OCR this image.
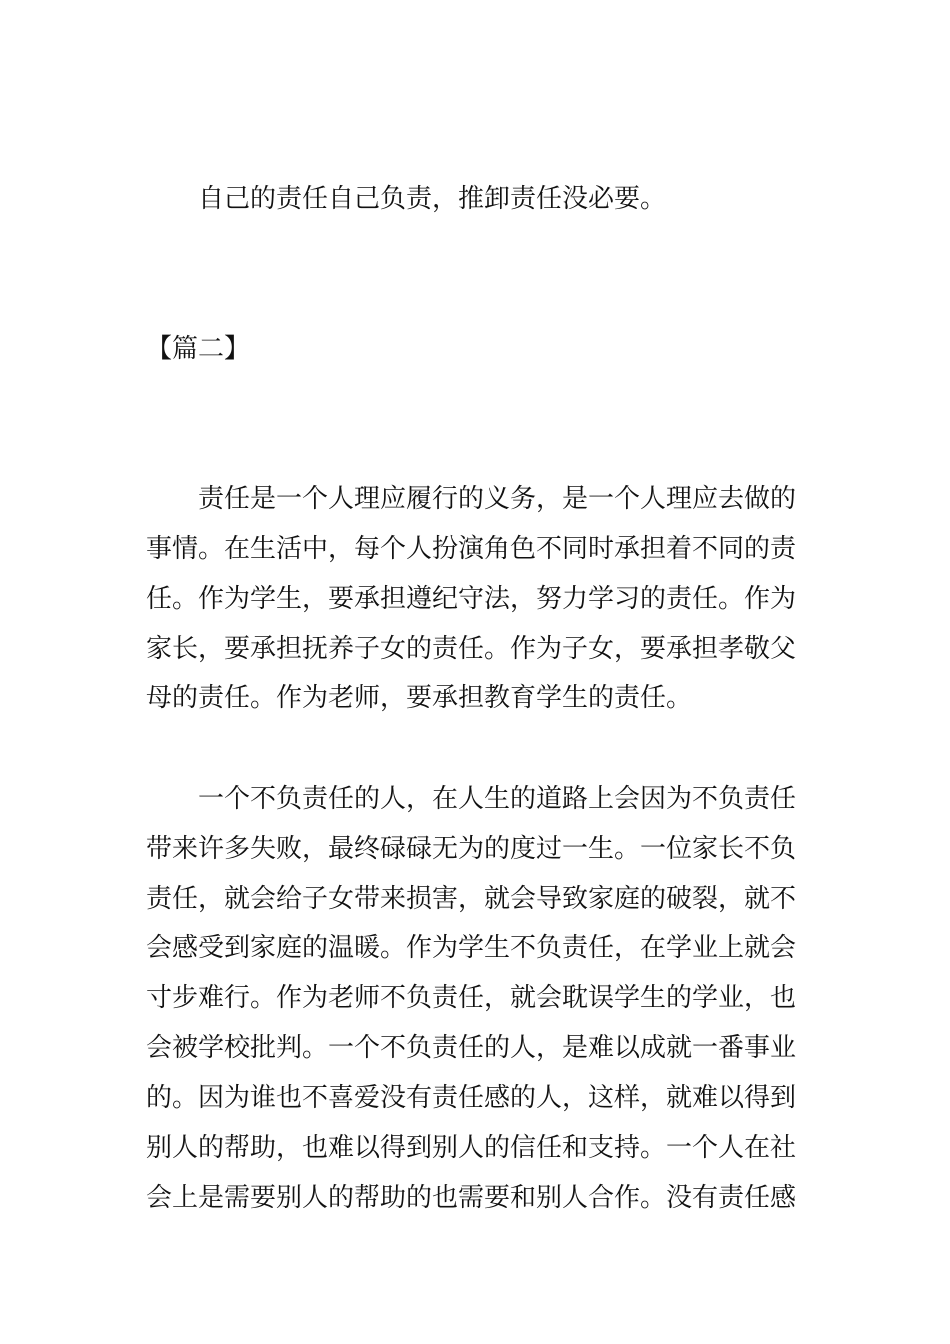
自己的责任自己负责，推卸责任没必要。
【篇二】
责任是一个人理应履行的义务，是一个人理应去做的
事情。在生活中，每个人扮演角色不同时承担着不同的责
任。作为学生，要承担遵纪守法，努力学习的责任。作为
家长，要承担抚养子女的责任。作为子女，要承担孝敬父
母的责任。作为老师，要承担教育学生的责任。
一个不负责任的人，在人生的道路上会因为不负责任
带来许多失败，最终碌碌无为的度过一生。一位家长不负
责任，就会给子女带来损害，就会导致家庭的破裂，就不
会感受到家庭的温暖。作为学生不负责任，在学业上就会
寸步难行。作为老师不负责任，就会耽误学生的学业，也
会被学校批判。一个不负责任的人，是难以成就一番事业
的。因为谁也不喜爱没有责任感的人，这样，就难以得到
别人的帮助，也难以得到别人的信任和支持。一个人在社
会上是需要别人的帮助的也需要和别人合作。没有责任感
